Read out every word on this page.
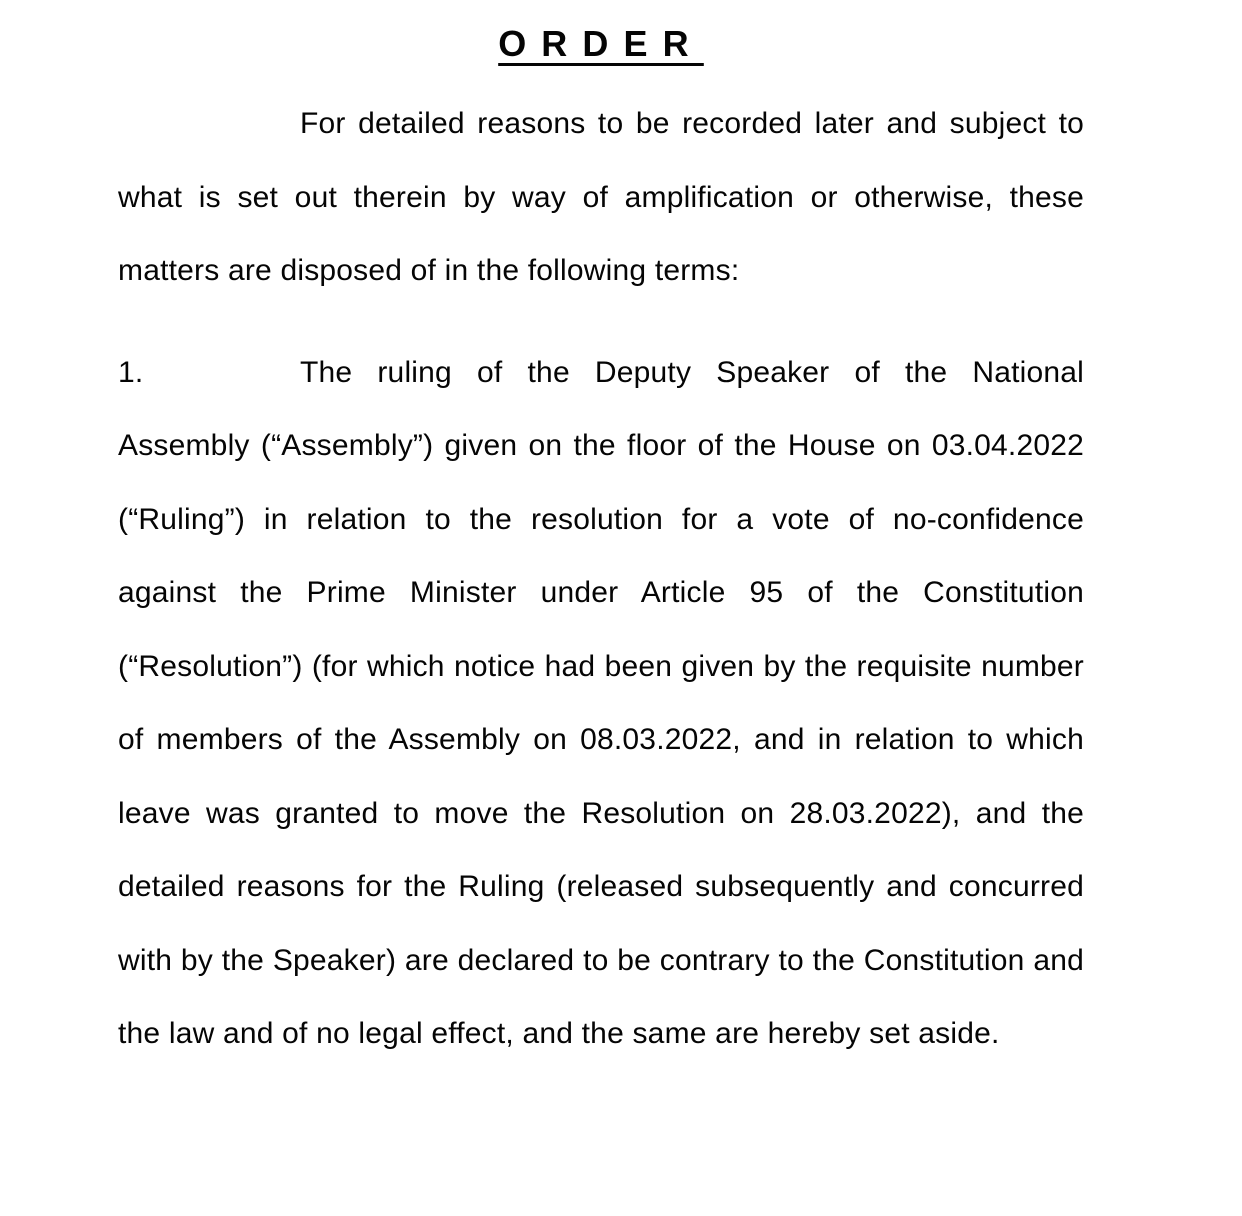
ORDER

For detailed reasons to be recorded later and subject to what is set out therein by way of amplification or otherwise, these matters are disposed of in the following terms:

1.	The ruling of the Deputy Speaker of the National Assembly (“Assembly”) given on the floor of the House on 03.04.2022 (“Ruling”) in relation to the resolution for a vote of no-confidence against the Prime Minister under Article 95 of the Constitution (“Resolution”) (for which notice had been given by the requisite number of members of the Assembly on 08.03.2022, and in relation to which leave was granted to move the Resolution on 28.03.2022), and the detailed reasons for the Ruling (released subsequently and concurred with by the Speaker) are declared to be contrary to the Constitution and the law and of no legal effect, and the same are hereby set aside.
